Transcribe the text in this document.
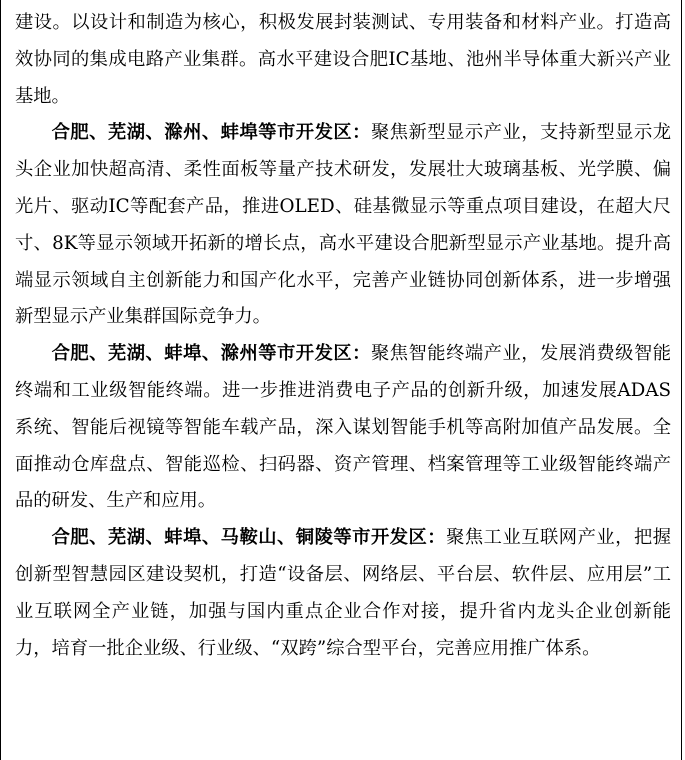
建设。以设计和制造为核心，积极发展封装测试、专用装备和材料产业。打造高效协同的集成电路产业集群。高水平建设合肥IC基地、池州半导体重大新兴产业基地。

合肥、芜湖、滁州、蚌埠等市开发区：聚焦新型显示产业，支持新型显示龙头企业加快超高清、柔性面板等量产技术研发，发展壮大玻璃基板、光学膜、偏光片、驱动IC等配套产品，推进OLED、硅基微显示等重点项目建设，在超大尺寸、8K等显示领域开拓新的增长点，高水平建设合肥新型显示产业基地。提升高端显示领域自主创新能力和国产化水平，完善产业链协同创新体系，进一步增强新型显示产业集群国际竞争力。

合肥、芜湖、蚌埠、滁州等市开发区：聚焦智能终端产业，发展消费级智能终端和工业级智能终端。进一步推进消费电子产品的创新升级，加速发展ADAS系统、智能后视镜等智能车载产品，深入谋划智能手机等高附加值产品发展。全面推动仓库盘点、智能巡检、扫码器、资产管理、档案管理等工业级智能终端产品的研发、生产和应用。

合肥、芜湖、蚌埠、马鞍山、铜陵等市开发区：聚焦工业互联网产业，把握创新型智慧园区建设契机，打造“设备层、网络层、平台层、软件层、应用层”工业互联网全产业链，加强与国内重点企业合作对接，提升省内龙头企业创新能力，培育一批企业级、行业级、“双跨”综合型平台，完善应用推广体系。
